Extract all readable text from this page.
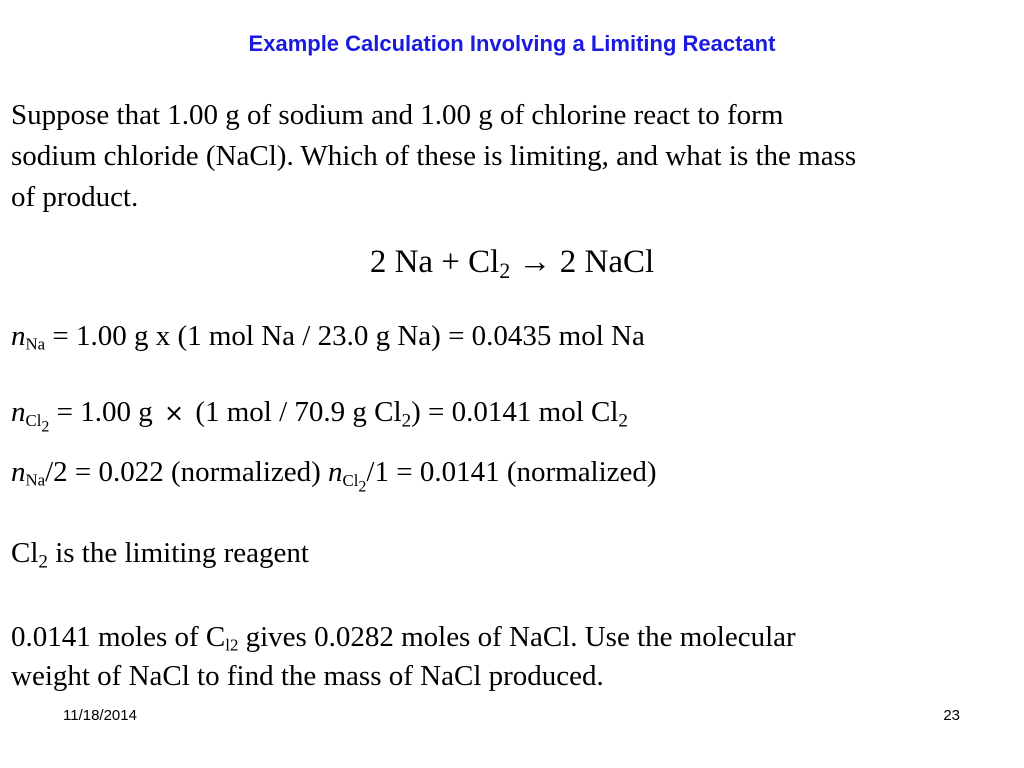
Example Calculation Involving a Limiting Reactant
Suppose that 1.00 g of sodium and 1.00 g of chlorine react to form
sodium chloride (NaCl). Which of these is limiting, and what is the mass
of product.
2 $Na + Cl_2 \to 2$ NaCl
$n_{Na} = 1.00$ g x (1 mol Na / 23.0 g Na) = 0.0435 mol Na
$n_{Cl_2} = 1.00$ g × (1 mol / 70.9 g $Cl_2) = 0.0141$ mol $Cl_2$
$n_{Na}/2 = 0.022$ (normalized) $n_{Cl_2}/1 = 0.0141$ (normalized)
$Cl_2$ is the limiting reagent
0.0141 moles of $C_{l2}$ gives 0.0282 moles of NaCl. Use the molecular
weight of NaCl to find the mass of NaCl produced.
11/18/2014	23
